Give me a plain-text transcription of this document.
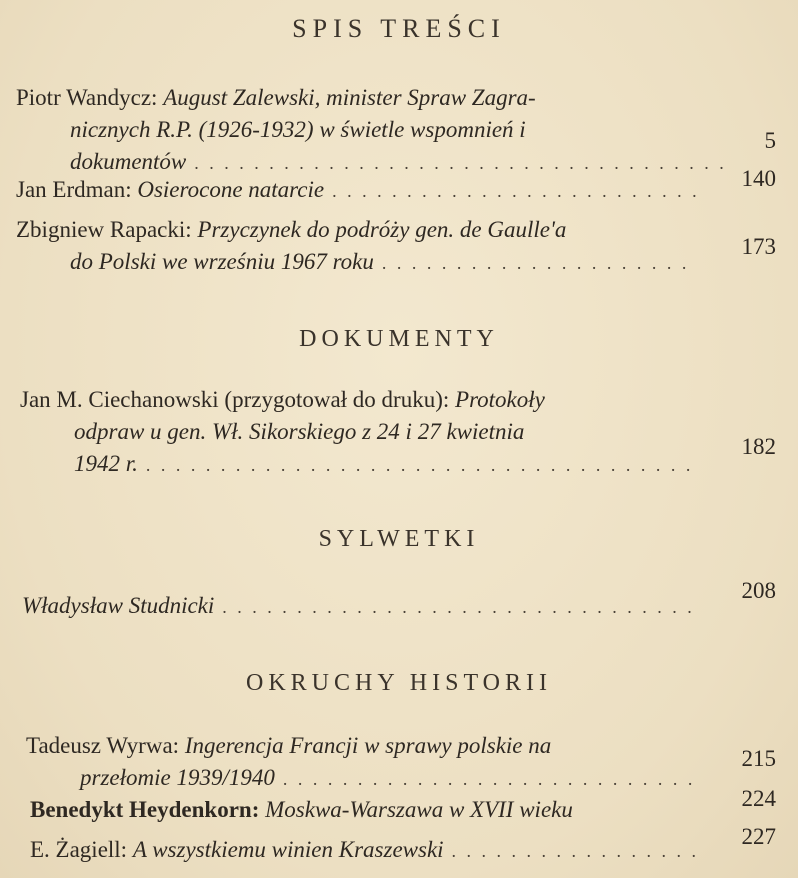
SPIS TREŚCI
Piotr Wandycz:
August Zalewski, minister Spraw Zagra-
nicznych R.P. (1926-1932) w świetle wspomnień i
dokumentów
. . .
5
Jan Erdman:
Osierocone natarcie
. . .	140
Zbigniew Rapacki:
Przyczynek do podróży gen. de Gaulle'a
do Polski we wrześniu 1967 roku
. . .
173
DOKUMENTY
Jan M. Ciechanowski (przygotował do druku):
Protokoły
odpraw u gen. Wł. Sikorskiego z 24 i 27 kwietnia
1942 r.
. . .
182
SYLWETKI
Władysław Studnicki
. . .
208
OKRUCHY HISTORII
Tadeusz Wyrwa:
Ingerencja Francji w sprawy polskie na
przełomie 1939/1940
. . .
215
Benedykt Heydenkorn:
Moskwa-Warszawa w XVII wieku	224
E. Żagiell:
A wszystkiemu winien Kraszewski
. . .
227
